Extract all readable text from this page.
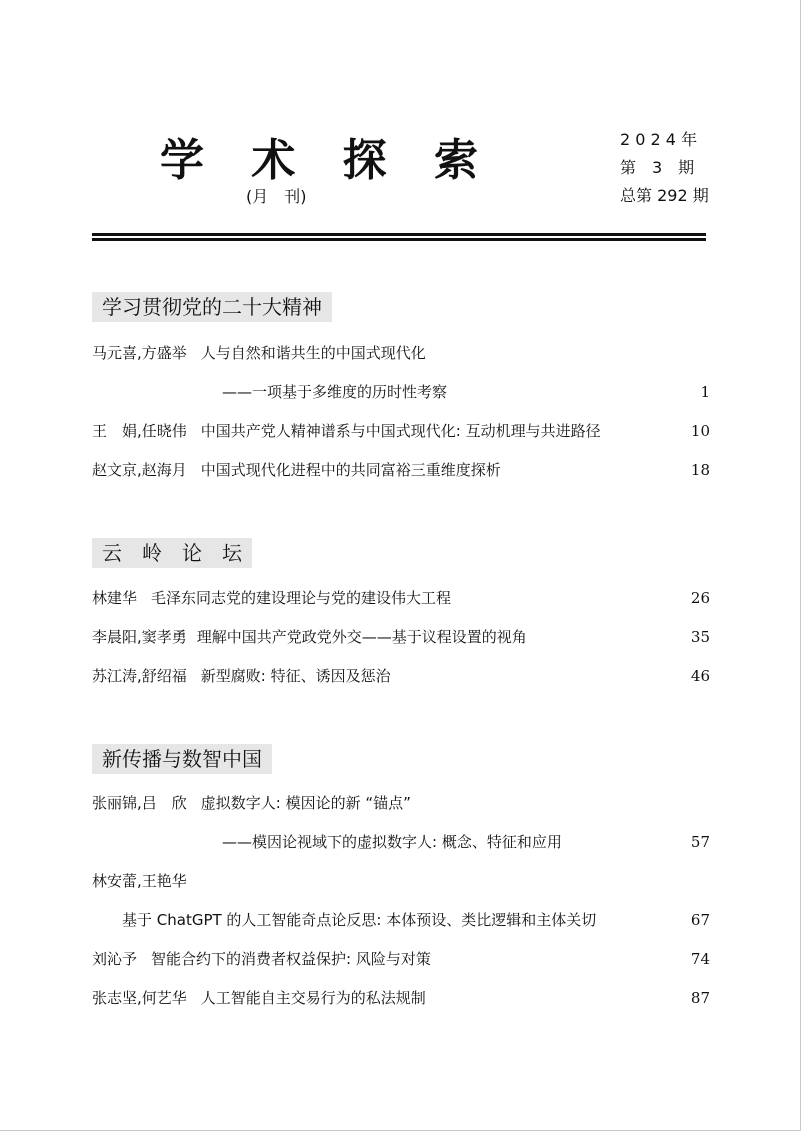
学 术 探 索
(月　刊)
2 0 2 4 年
第　3　期
总第 292 期
学习贯彻党的二十大精神
马元喜,方盛举 人与自然和谐共生的中国式现代化
——一项基于多维度的历时性考察	1
王　娟,任晓伟 中国共产党人精神谱系与中国式现代化: 互动机理与共进路径	10
赵文京,赵海月 中国式现代化进程中的共同富裕三重维度探析	18
云　岭　论　坛
林建华 毛泽东同志党的建设理论与党的建设伟大工程	26
李晨阳,窦孝勇 理解中国共产党政党外交——基于议程设置的视角	35
苏江涛,舒绍福 新型腐败: 特征、诱因及惩治	46
新传播与数智中国
张丽锦,吕　欣 虚拟数字人: 模因论的新 “锚点”
——模因论视域下的虚拟数字人: 概念、特征和应用	57
林安蕾,王艳华
基于 ChatGPT 的人工智能奇点论反思: 本体预设、类比逻辑和主体关切	67
刘沁予 智能合约下的消费者权益保护: 风险与对策	74
张志坚,何艺华 人工智能自主交易行为的私法规制	87
